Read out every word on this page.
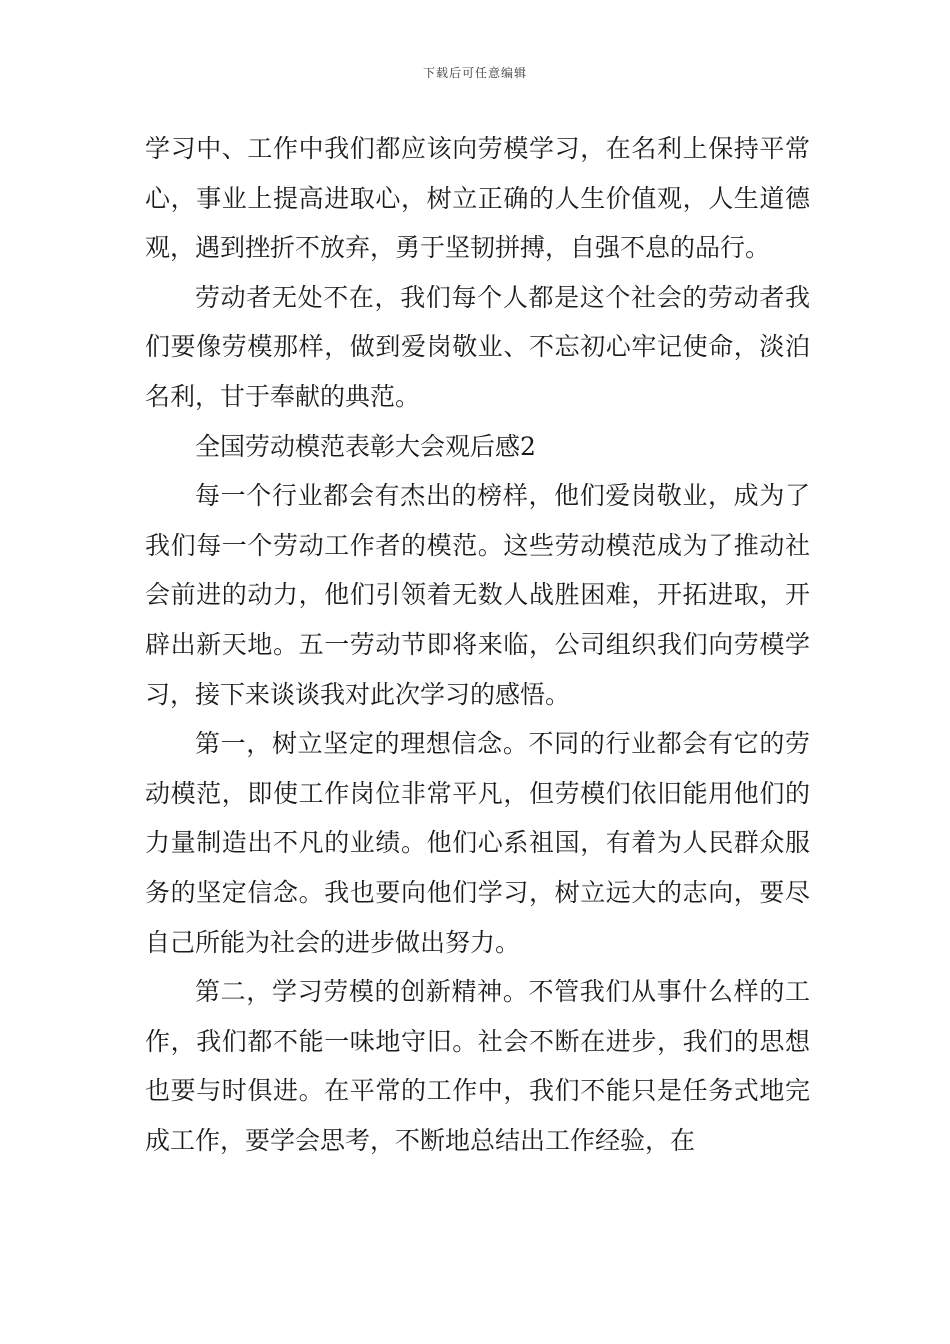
下载后可任意编辑

学习中、工作中我们都应该向劳模学习，在名利上保持平常心，事业上提高进取心，树立正确的人生价值观，人生道德观，遇到挫折不放弃，勇于坚韧拼搏，自强不息的品行。

劳动者无处不在，我们每个人都是这个社会的劳动者我们要像劳模那样，做到爱岗敬业、不忘初心牢记使命，淡泊名利，甘于奉献的典范。

全国劳动模范表彰大会观后感2

每一个行业都会有杰出的榜样，他们爱岗敬业，成为了我们每一个劳动工作者的模范。这些劳动模范成为了推动社会前进的动力，他们引领着无数人战胜困难，开拓进取，开辟出新天地。五一劳动节即将来临，公司组织我们向劳模学习，接下来谈谈我对此次学习的感悟。

第一，树立坚定的理想信念。不同的行业都会有它的劳动模范，即使工作岗位非常平凡，但劳模们依旧能用他们的力量制造出不凡的业绩。他们心系祖国，有着为人民群众服务的坚定信念。我也要向他们学习，树立远大的志向，要尽自己所能为社会的进步做出努力。

第二，学习劳模的创新精神。不管我们从事什么样的工作，我们都不能一味地守旧。社会不断在进步，我们的思想也要与时俱进。在平常的工作中，我们不能只是任务式地完成工作，要学会思考，不断地总结出工作经验，在
